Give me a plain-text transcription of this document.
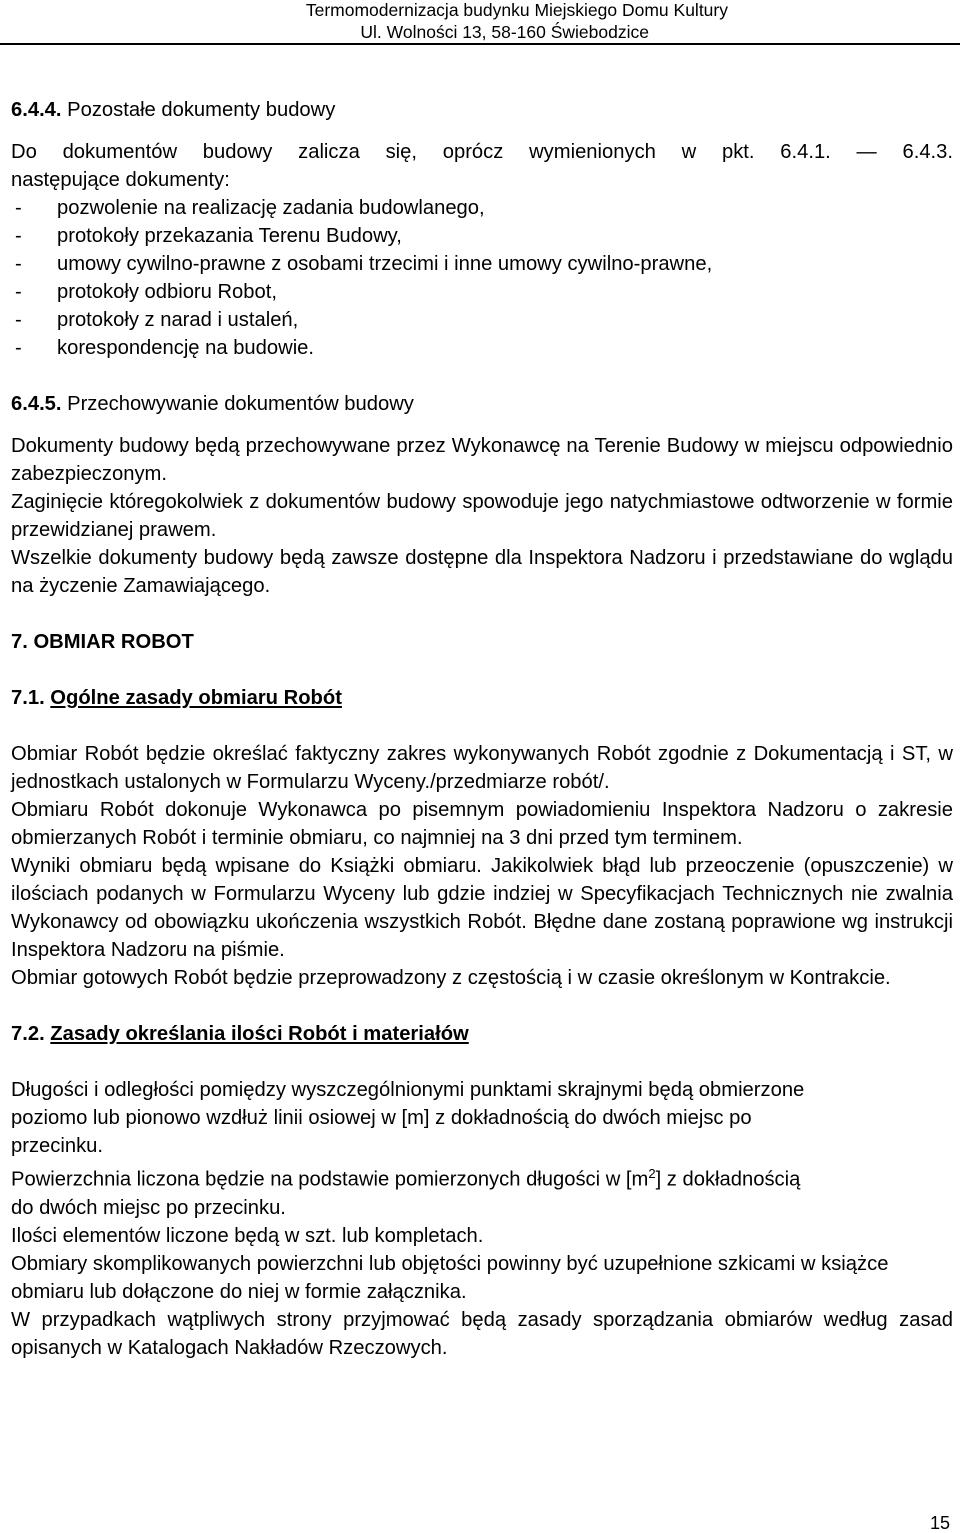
Termomodernizacja budynku Miejskiego Domu Kultury
Ul. Wolności 13, 58-160 Świebodzice
6.4.4. Pozostałe dokumenty budowy

Do dokumentów budowy zalicza się, oprócz wymienionych w pkt. 6.4.1. — 6.4.3.

następujące dokumenty:

-	pozwolenie na realizację zadania budowlanego,
-	protokoły przekazania Terenu Budowy,
-	umowy cywilno-prawne z osobami trzecimi i inne umowy cywilno-prawne,
-	protokoły odbioru Robot,
-	protokoły z narad i ustaleń,
-	korespondencję na budowie.
6.4.5. Przechowywanie dokumentów budowy

Dokumenty budowy będą przechowywane przez Wykonawcę na Terenie Budowy w miejscu odpowiednio zabezpieczonym.

Zaginięcie któregokolwiek z dokumentów budowy spowoduje jego natychmiastowe odtworzenie w formie przewidzianej prawem.

Wszelkie dokumenty budowy będą zawsze dostępne dla Inspektora Nadzoru i przedstawiane do wglądu na życzenie Zamawiającego.

7. OBMIAR ROBOT
7.1. Ogólne zasady obmiaru Robót

Obmiar Robót będzie określać faktyczny zakres wykonywanych Robót zgodnie z Dokumentacją i ST, w jednostkach ustalonych w Formularzu Wyceny./przedmiarze robót/.

Obmiaru Robót dokonuje Wykonawca po pisemnym powiadomieniu Inspektora Nadzoru o zakresie obmierzanych Robót i terminie obmiaru, co najmniej na 3 dni przed tym terminem.

Wyniki obmiaru będą wpisane do Książki obmiaru. Jakikolwiek błąd lub przeoczenie (opuszczenie) w ilościach podanych w Formularzu Wyceny lub gdzie indziej w Specyfikacjach Technicznych nie zwalnia Wykonawcy od obowiązku ukończenia wszystkich Robót. Błędne dane zostaną poprawione wg instrukcji Inspektora Nadzoru na piśmie.

Obmiar gotowych Robót będzie przeprowadzony z częstością i w czasie określonym w Kontrakcie.

7.2. Zasady określania ilości Robót i materiałów

Długości i odległości pomiędzy wyszczególnionymi punktami skrajnymi będą obmierzone poziomo lub pionowo wzdłuż linii osiowej w [m] z dokładnością do dwóch miejsc po przecinku.

Powierzchnia liczona będzie na podstawie pomierzonych długości w $[m^2]$ z dokładnością do dwóch miejsc po przecinku.

Ilości elementów liczone będą w szt. lub kompletach.

Obmiary skomplikowanych powierzchni lub objętości powinny być uzupełnione szkicami w książce obmiaru lub dołączone do niej w formie załącznika.

W przypadkach wątpliwych strony przyjmować będą zasady sporządzania obmiarów według zasad opisanych w Katalogach Nakładów Rzeczowych.

15
